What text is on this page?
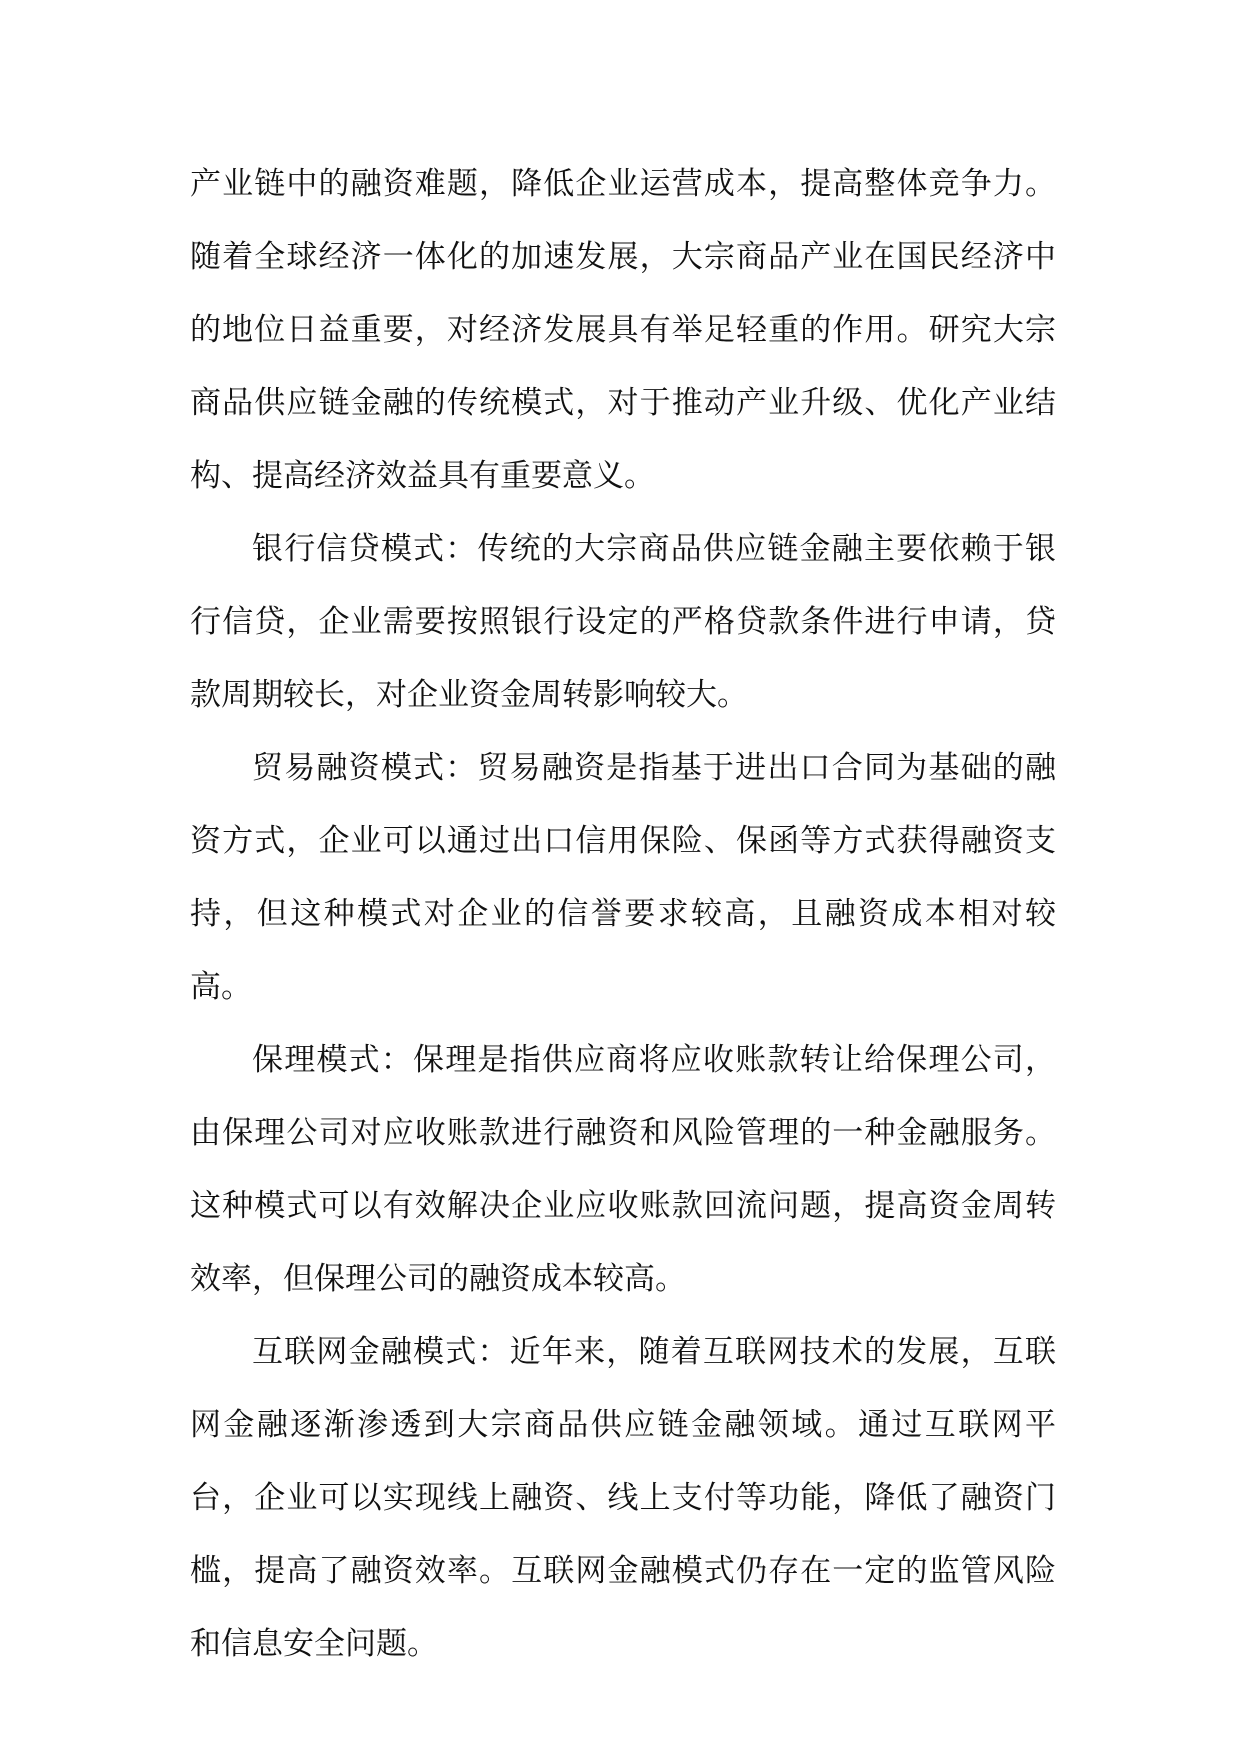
产业链中的融资难题，降低企业运营成本，提高整体竞争力。随着全球经济一体化的加速发展，大宗商品产业在国民经济中的地位日益重要，对经济发展具有举足轻重的作用。研究大宗商品供应链金融的传统模式，对于推动产业升级、优化产业结构、提高经济效益具有重要意义。

银行信贷模式：传统的大宗商品供应链金融主要依赖于银行信贷，企业需要按照银行设定的严格贷款条件进行申请，贷款周期较长，对企业资金周转影响较大。

贸易融资模式：贸易融资是指基于进出口合同为基础的融资方式，企业可以通过出口信用保险、保函等方式获得融资支持，但这种模式对企业的信誉要求较高，且融资成本相对较高。

保理模式：保理是指供应商将应收账款转让给保理公司，由保理公司对应收账款进行融资和风险管理的一种金融服务。这种模式可以有效解决企业应收账款回流问题，提高资金周转效率，但保理公司的融资成本较高。

互联网金融模式：近年来，随着互联网技术的发展，互联网金融逐渐渗透到大宗商品供应链金融领域。通过互联网平台，企业可以实现线上融资、线上支付等功能，降低了融资门槛，提高了融资效率。互联网金融模式仍存在一定的监管风险和信息安全问题。
